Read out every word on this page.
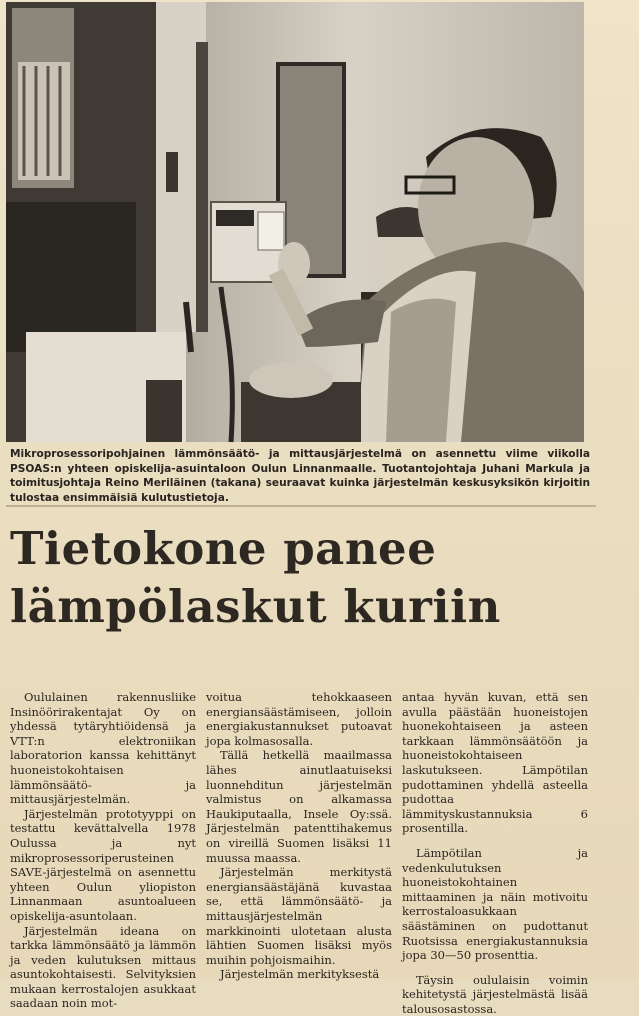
Mikroprosessoripohjainen lämmönsäätö- ja mittausjärjestelmä on asennettu viime viikolla PSOAS:n yhteen opiskelija-asuintaloon Oulun Linnanmaalle. Tuotantojohtaja Juhani Markula ja toimitusjohtaja Reino Meriläinen (takana) seuraavat kuinka järjestelmän keskusyksikön kirjoitin tulostaa ensimmäisiä kulutustietoja.
Tietokone panee
lämpölaskut kuriin

Oululainen rakennusliike Insinöörirakentajat Oy on yhdessä tytäryhtiöidensä ja VTT:n elektroniikan laboratorion kanssa kehittänyt huoneistokohtaisen lämmönsäätö- ja mittausjärjestelmän.

Järjestelmän prototyyppi on testattu kevättalvella 1978 Oulussa ja nyt mikroprosessoriperusteinen SAVE-järjestelmä on asennettu yhteen Oulun yliopiston Linnanmaan asuntoalueen opiskelija-asuntolaan.

Järjestelmän ideana on tarkka lämmönsäätö ja lämmön ja veden kulutuksen mittaus asuntokohtaisesti. Selvityksien mukaan kerrostalojen asukkaat saadaan noin mot-

voitua tehokkaaseen energiansäästämiseen, jolloin energiakustannukset putoavat jopa kolmasosalla.

Tällä hetkellä maailmassa lähes ainutlaatuiseksi luonnehditun järjestelmän valmistus on alkamassa Haukiputaalla, Insele Oy:ssä. Järjestelmän patenttihakemus on vireillä Suomen lisäksi 11 muussa maassa.

Järjestelmän merkitystä energiansäästäjänä kuvastaa se, että lämmönsäätö- ja mittausjärjestelmän markkinointi ulotetaan alusta lähtien Suomen lisäksi myös muihin pohjoismaihin.

Järjestelmän merkityksestä

antaa hyvän kuvan, että sen avulla päästään huoneistojen huonekohtaiseen ja asteen tarkkaan lämmönsäätöön ja huoneistokohtaiseen laskutukseen. Lämpötilan pudottaminen yhdellä asteella pudottaa lämmityskustannuksia 6 prosentilla.

Lämpötilan ja vedenkulutuksen huoneistokohtainen mittaaminen ja näin motivoitu kerrostaloasukkaan säästäminen on pudottanut Ruotsissa energiakustannuksia jopa 30—50 prosenttia.

Täysin oululaisin voimin kehitetystä järjestelmästä lisää talousosastossa.
